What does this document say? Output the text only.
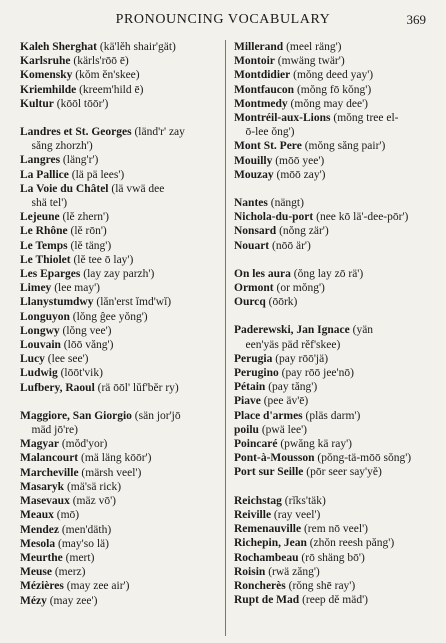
PRONOUNCING VOCABULARY	369
Kaleh Sherghat (kä'lĕh shair'gät)
Karlsruhe (kärls'rōō ē)
Komensky (kŏm ĕn'skee)
Kriemhilde (kreem'hild ē)
Kultur (kōōl tōōr')
Landres et St. Georges (länd'r' zay
săng zhorzh')
Langres (läng'r')
La Pallice (lä pä lees')
La Voie du Châtel (lä vwä dee
shä tel')
Lejeune (lĕ zhern')
Le Rhône (lĕ rōn')
Le Temps (lĕ täng')
Le Thiolet (lĕ tee ō lay')
Les Eparges (lay zay parzh')
Limey (lee may')
Llanystumdwy (lăn'erst ĭmd'wĭ)
Longuyon (lŏng ĝee yŏng')
Longwy (lŏng vee')
Louvain (lōō văng')
Lucy (lee see')
Ludwig (lōōt'vik)
Lufbery, Raoul (rä ōōl' lŭf'bĕr ry)
Maggiore, San Giorgio (sän jor'jō
mäd jō're)
Magyar (mŏd'yor)
Malancourt (mä läng kōōr')
Marcheville (märsh veel')
Masaryk (mä'sä rick)
Masevaux (mäz vō')
Meaux (mō)
Mendez (men'däth)
Mesola (may'so lä)
Meurthe (mert)
Meuse (merz)
Mézières (may zee air')
Mézy (may zee')
Millerand (meel räng')
Montoir (mwäng twär')
Montdidier (mŏng deed yay')
Montfaucon (mŏng fō kŏng')
Montmedy (mŏng may dee')
Montréil-aux-Lions (mŏng tree el-
ō-lee ŏng')
Mont St. Pere (mŏng săng pair')
Mouilly (mōō yee')
Mouzay (mōō zay')
Nantes (nängt)
Nichola-du-port (nee kō lä'-dee-pōr')
Nonsard (nŏng zär')
Nouart (nōō är')
On les aura (ŏng lay zō rä')
Ormont (or mŏng')
Ourcq (ōōrk)
Paderewski, Jan Ignace (yän
een'yäs päd rĕf'skee)
Perugia (pay rōō'jä)
Perugino (pay rōō jee'nō)
Pétain (pay tăng')
Piave (pee äv'ē)
Place d'armes (pläs darm')
poilu (pwä lee')
Poincaré (pwăng kä ray')
Pont-à-Mousson (pŏng-tä-mōō sŏng')
Port sur Seille (pōr seer say'yĕ)
Reichstag (rĭks'täk)
Reiville (ray veel')
Remenauville (rem nō veel')
Richepin, Jean (zhŏn reesh păng')
Rochambeau (rō shäng bō')
Roisin (rwä zăng')
Roncherès (rŏng shē ray')
Rupt de Mad (reep dĕ mäd')
